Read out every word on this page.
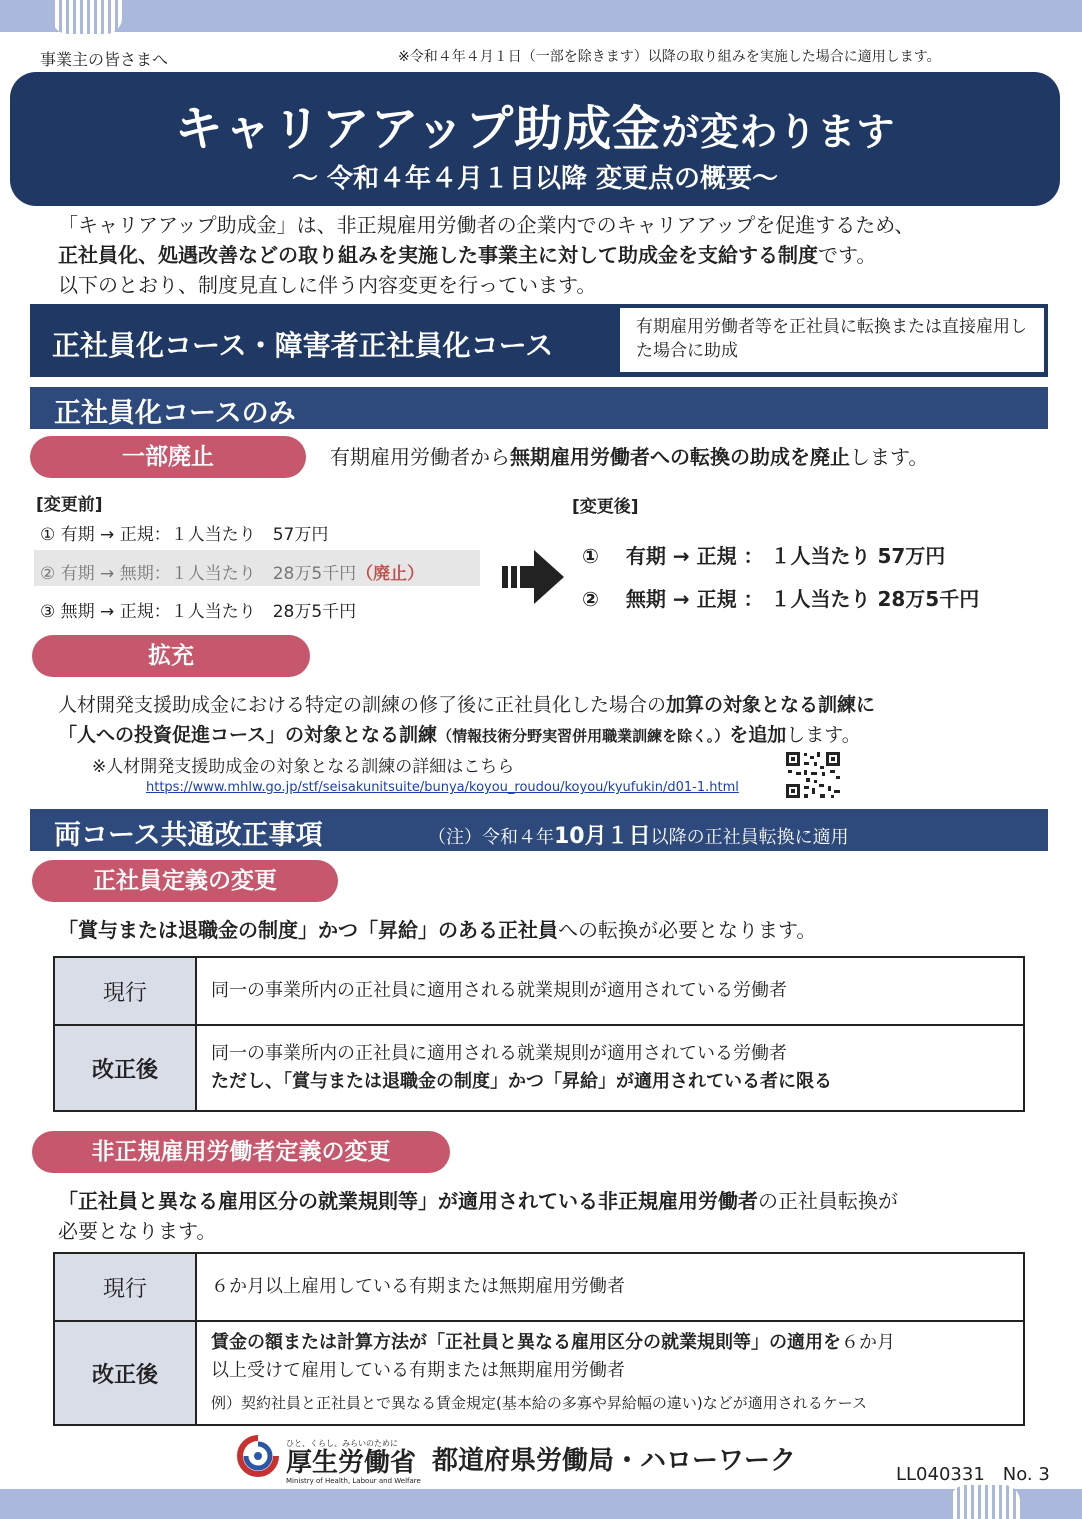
事業主の皆さまへ	※令和４年４月１日（一部を除きます）以降の取り組みを実施した場合に適用します。
キャリアアップ助成金が変わります
～ 令和４年４月１日以降 変更点の概要～
「キャリアアップ助成金」は、非正規雇用労働者の企業内でのキャリアアップを促進するため、
正社員化、処遇改善などの取り組みを実施した事業主に対して助成金を支給する制度です。
以下のとおり、制度見直しに伴う内容変更を行っています。
正社員化コース・障害者正社員化コース
有期雇用労働者等を正社員に転換または直接雇用した場合に助成
正社員化コースのみ
一部廃止	有期雇用労働者から無期雇用労働者への転換の助成を廃止します。
[変更前]
① 有期 → 正規：１人当たり　57万円
② 有期 → 無期：１人当たり　28万5千円（廃止）
③ 無期 → 正規：１人当たり　28万5千円
[変更後]
①　 有期 → 正規 ： １人当たり 57万円
②　 無期 → 正規 ： １人当たり 28万5千円
拡充
人材開発支援助成金における特定の訓練の修了後に正社員化した場合の加算の対象となる訓練に
「人への投資促進コース」の対象となる訓練（情報技術分野実習併用職業訓練を除く。）を追加します。
※人材開発支援助成金の対象となる訓練の詳細はこちら
https://www.mhlw.go.jp/stf/seisakunitsuite/bunya/koyou_roudou/koyou/kyufukin/d01-1.html
両コース共通改正事項	（注）令和４年10月１日以降の正社員転換に適用
正社員定義の変更
「賞与または退職金の制度」かつ「昇給」のある正社員への転換が必要となります。
現行	同一の事業所内の正社員に適用される就業規則が適用されている労働者
改正後	同一の事業所内の正社員に適用される就業規則が適用されている労働者
ただし、「賞与または退職金の制度」かつ「昇給」が適用されている者に限る
非正規雇用労働者定義の変更
「正社員と異なる雇用区分の就業規則等」が適用されている非正規雇用労働者の正社員転換が
必要となります。
現行	６か月以上雇用している有期または無期雇用労働者
改正後	賃金の額または計算方法が「正社員と異なる雇用区分の就業規則等」の適用を６か月
以上受けて雇用している有期または無期雇用労働者
例）契約社員と正社員とで異なる賃金規定(基本給の多寡や昇給幅の違い)などが適用されるケース
ひと、くらし、みらいのために
厚生労働省
Ministry of Health, Labour and Welfare
都道府県労働局・ハローワーク	LL040331　No. 3
